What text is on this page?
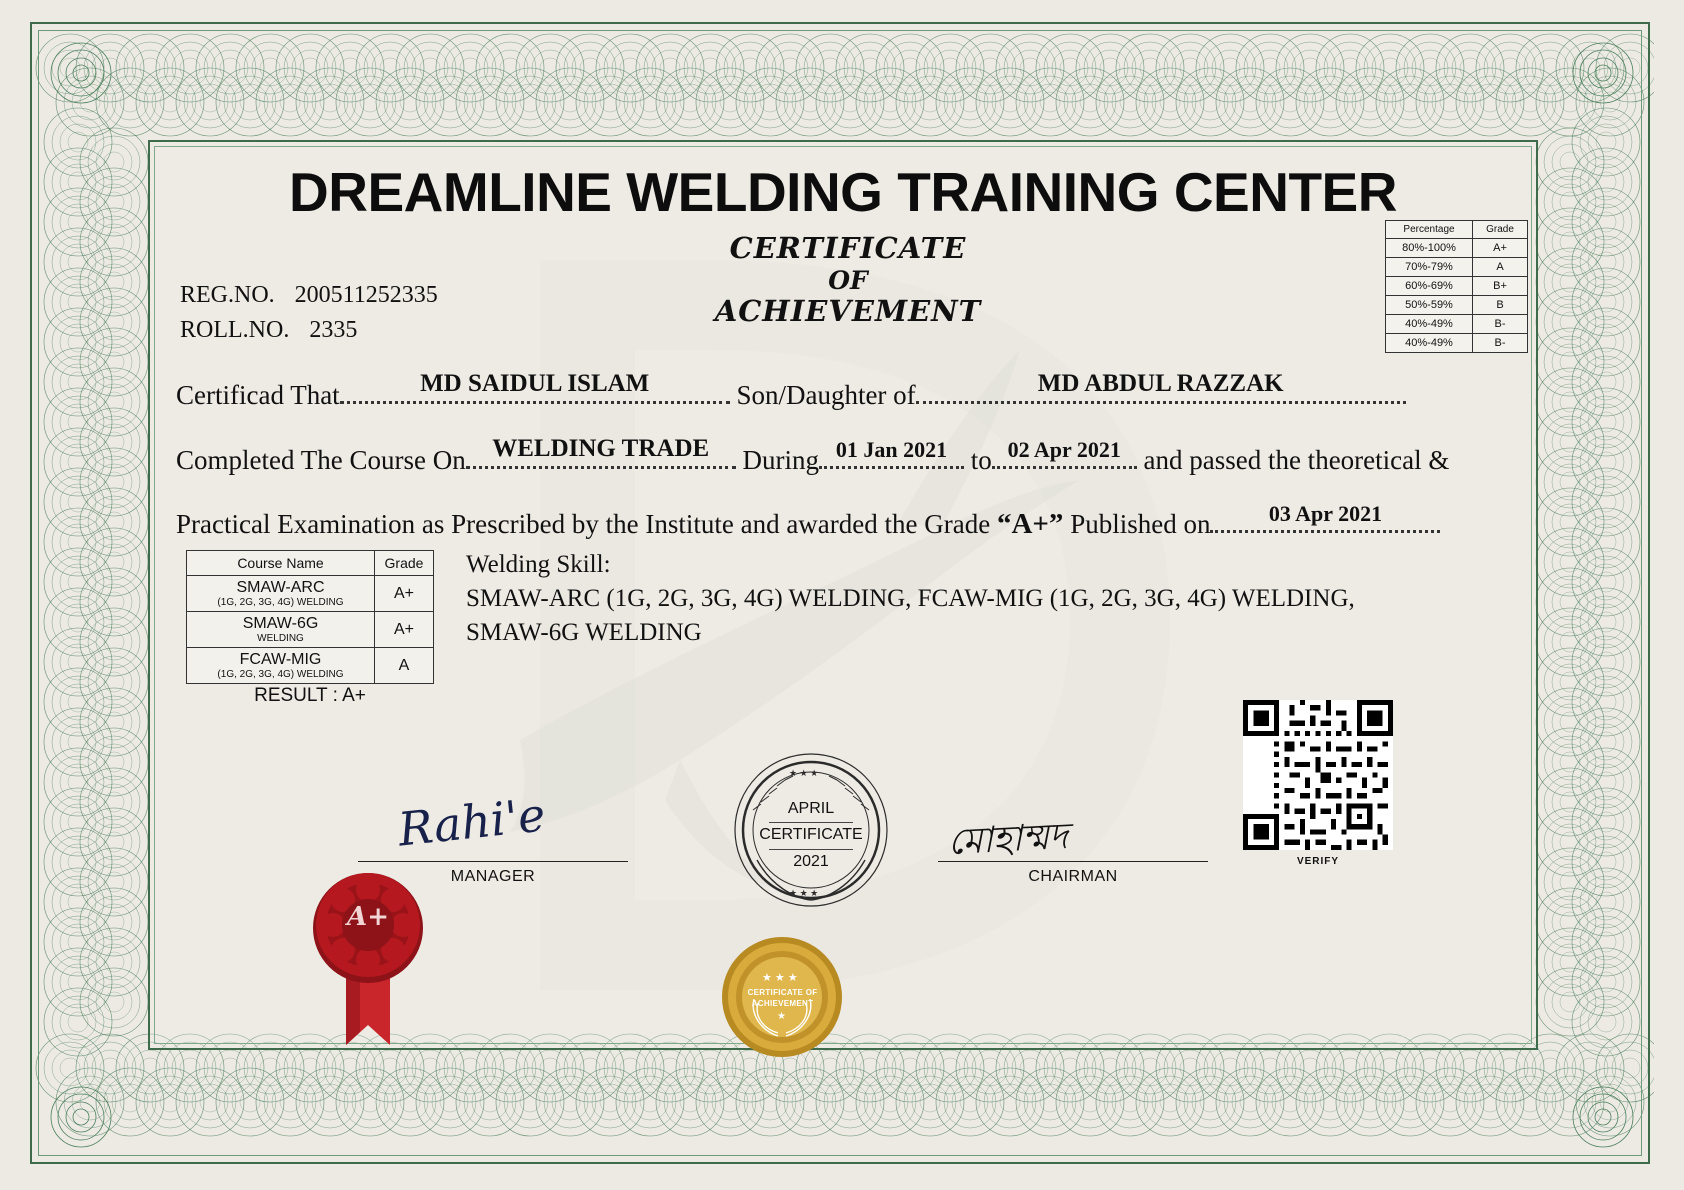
DREAMLINE WELDING TRAINING CENTER
CERTIFICATE
OF
ACHIEVEMENT
REG.NO. 200511252335
ROLL.NO. 2335
Percentage	Grade
80%-100%	A+
70%-79%	A
60%-69%	B+
50%-59%	B
40%-49%	B-
40%-49%	B-
Certificad That	MD SAIDUL ISLAM	Son/Daughter of	MD ABDUL RAZZAK
Completed The Course On	WELDING TRADE	During 01 Jan 2021 to 02 Apr 2021 and passed the theoretical &
Practical Examination as Prescribed by the Institute and awarded the Grade “A+” Published on	03 Apr 2021
Course Name	Grade

SMAW-ARC
(1G, 2G, 3G, 4G) WELDING	A+

SMAW-6G
WELDING	A+

FCAW-MIG
(1G, 2G, 3G, 4G) WELDING	A
RESULT : A+
Welding Skill:
SMAW-ARC (1G, 2G, 3G, 4G) WELDING, FCAW-MIG (1G, 2G, 3G, 4G) WELDING,
SMAW-6G WELDING
Rahi'e
MANAGER
মোহাম্মদ
CHAIRMAN
★ ★ ★
★ ★ ★
APRIL
CERTIFICATE
2021
A+
VERIFY
★ ★ ★
★
CERTIFICATE OF
ACHIEVEMENT
